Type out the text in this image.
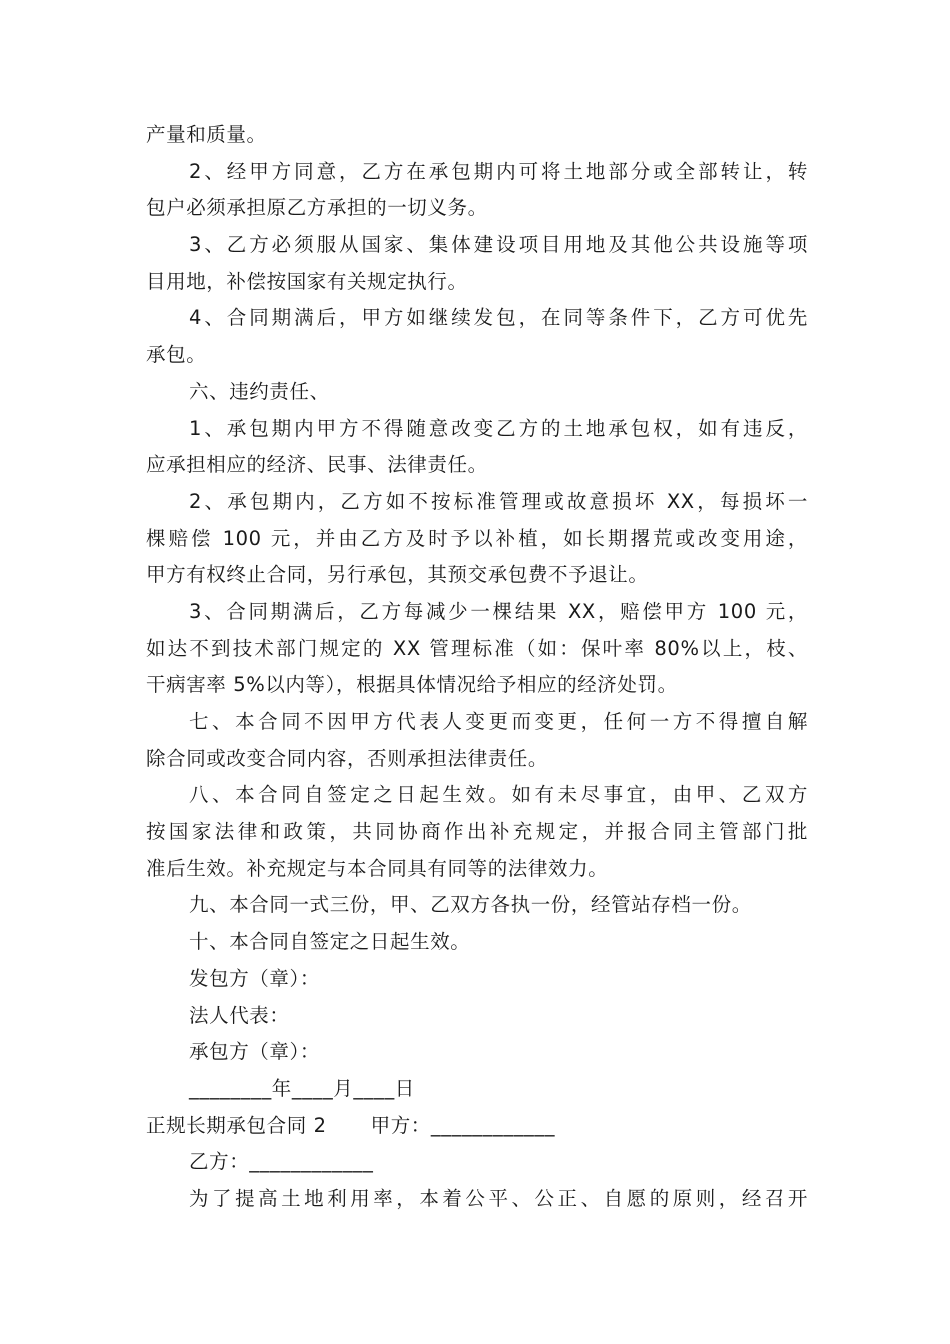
产量和质量。
2、经甲方同意，乙方在承包期内可将土地部分或全部转让，转
包户必须承担原乙方承担的一切义务。
3、乙方必须服从国家、集体建设项目用地及其他公共设施等项
目用地，补偿按国家有关规定执行。
4、合同期满后，甲方如继续发包，在同等条件下，乙方可优先
承包。
六、违约责任、
1、承包期内甲方不得随意改变乙方的土地承包权，如有违反，
应承担相应的经济、民事、法律责任。
2、承包期内，乙方如不按标准管理或故意损坏 XX，每损坏一
棵赔偿 100 元，并由乙方及时予以补植，如长期撂荒或改变用途，
甲方有权终止合同，另行承包，其预交承包费不予退让。
3、合同期满后，乙方每减少一棵结果 XX，赔偿甲方 100 元，
如达不到技术部门规定的 XX 管理标准（如：保叶率 80%以上，枝、
干病害率 5%以内等），根据具体情况给予相应的经济处罚。
七、本合同不因甲方代表人变更而变更，任何一方不得擅自解
除合同或改变合同内容，否则承担法律责任。
八、本合同自签定之日起生效。如有未尽事宜，由甲、乙双方
按国家法律和政策，共同协商作出补充规定，并报合同主管部门批
准后生效。补充规定与本合同具有同等的法律效力。
九、本合同一式三份，甲、乙双方各执一份，经管站存档一份。
十、本合同自签定之日起生效。
发包方（章）：
法人代表：
承包方（章）：
________年____月____日
正规长期承包合同 2 甲方：____________
乙方：____________
为了提高土地利用率，本着公平、公正、自愿的原则，经召开
